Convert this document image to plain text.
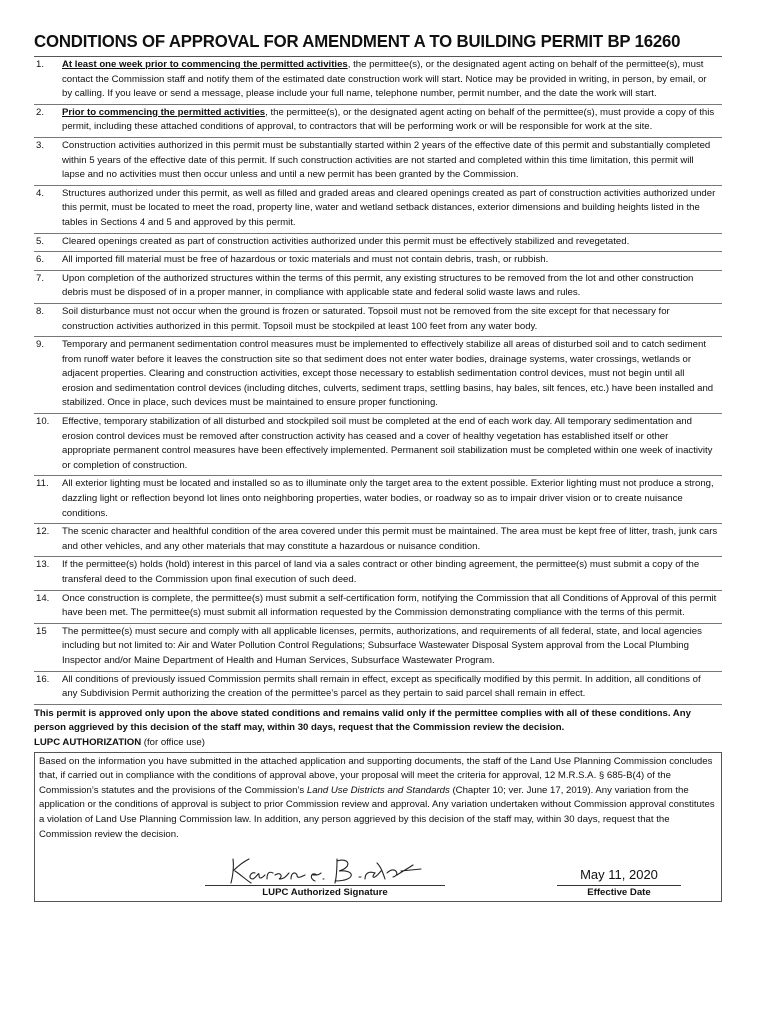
CONDITIONS OF APPROVAL FOR AMENDMENT A TO BUILDING PERMIT BP 16260
1.	At least one week prior to commencing the permitted activities, the permittee(s), or the designated agent acting on behalf of the permittee(s), must contact the Commission staff and notify them of the estimated date construction work will start. Notice may be provided in writing, in person, by email, or by calling. If you leave or send a message, please include your full name, telephone number, permit number, and the date the work will start.
2.	Prior to commencing the permitted activities, the permittee(s), or the designated agent acting on behalf of the permittee(s), must provide a copy of this permit, including these attached conditions of approval, to contractors that will be performing work or will be responsible for work at the site.
3.	Construction activities authorized in this permit must be substantially started within 2 years of the effective date of this permit and substantially completed within 5 years of the effective date of this permit. If such construction activities are not started and completed within this time limitation, this permit will lapse and no activities must then occur unless and until a new permit has been granted by the Commission.
4.	Structures authorized under this permit, as well as filled and graded areas and cleared openings created as part of construction activities authorized under this permit, must be located to meet the road, property line, water and wetland setback distances, exterior dimensions and building heights listed in the tables in Sections 4 and 5 and approved by this permit.
5.	Cleared openings created as part of construction activities authorized under this permit must be effectively stabilized and revegetated.
6.	All imported fill material must be free of hazardous or toxic materials and must not contain debris, trash, or rubbish.
7.	Upon completion of the authorized structures within the terms of this permit, any existing structures to be removed from the lot and other construction debris must be disposed of in a proper manner, in compliance with applicable state and federal solid waste laws and rules.
8.	Soil disturbance must not occur when the ground is frozen or saturated. Topsoil must not be removed from the site except for that necessary for construction activities authorized in this permit. Topsoil must be stockpiled at least 100 feet from any water body.
9.	Temporary and permanent sedimentation control measures must be implemented to effectively stabilize all areas of disturbed soil and to catch sediment from runoff water before it leaves the construction site so that sediment does not enter water bodies, drainage systems, water crossings, wetlands or adjacent properties. Clearing and construction activities, except those necessary to establish sedimentation control devices, must not begin until all erosion and sedimentation control devices (including ditches, culverts, sediment traps, settling basins, hay bales, silt fences, etc.) have been installed and stabilized. Once in place, such devices must be maintained to ensure proper functioning.
10.	Effective, temporary stabilization of all disturbed and stockpiled soil must be completed at the end of each work day. All temporary sedimentation and erosion control devices must be removed after construction activity has ceased and a cover of healthy vegetation has established itself or other appropriate permanent control measures have been effectively implemented. Permanent soil stabilization must be completed within one week of inactivity or completion of construction.
11.	All exterior lighting must be located and installed so as to illuminate only the target area to the extent possible. Exterior lighting must not produce a strong, dazzling light or reflection beyond lot lines onto neighboring properties, water bodies, or roadway so as to impair driver vision or to create nuisance conditions.
12.	The scenic character and healthful condition of the area covered under this permit must be maintained. The area must be kept free of litter, trash, junk cars and other vehicles, and any other materials that may constitute a hazardous or nuisance condition.
13.	If the permittee(s) holds (hold) interest in this parcel of land via a sales contract or other binding agreement, the permittee(s) must submit a copy of the transferal deed to the Commission upon final execution of such deed.
14.	Once construction is complete, the permittee(s) must submit a self-certification form, notifying the Commission that all Conditions of Approval of this permit have been met. The permittee(s) must submit all information requested by the Commission demonstrating compliance with the terms of this permit.
15	The permittee(s) must secure and comply with all applicable licenses, permits, authorizations, and requirements of all federal, state, and local agencies including but not limited to: Air and Water Pollution Control Regulations; Subsurface Wastewater Disposal System approval from the Local Plumbing Inspector and/or Maine Department of Health and Human Services, Subsurface Wastewater Program.
16.	All conditions of previously issued Commission permits shall remain in effect, except as specifically modified by this permit. In addition, all conditions of any Subdivision Permit authorizing the creation of the permittee’s parcel as they pertain to said parcel shall remain in effect.
This permit is approved only upon the above stated conditions and remains valid only if the permittee complies with all of these conditions. Any person aggrieved by this decision of the staff may, within 30 days, request that the Commission review the decision.
LUPC AUTHORIZATION (for office use)
Based on the information you have submitted in the attached application and supporting documents, the staff of the Land Use Planning Commission concludes that, if carried out in compliance with the conditions of approval above, your proposal will meet the criteria for approval, 12 M.R.S.A. § 685-B(4) of the Commission’s statutes and the provisions of the Commission’s Land Use Districts and Standards (Chapter 10; ver. June 17, 2019). Any variation from the application or the conditions of approval is subject to prior Commission review and approval. Any variation undertaken without Commission approval constitutes a violation of Land Use Planning Commission law. In addition, any person aggrieved by this decision of the staff may, within 30 days, request that the Commission review the decision.
LUPC Authorized Signature
May 11, 2020
Effective Date
